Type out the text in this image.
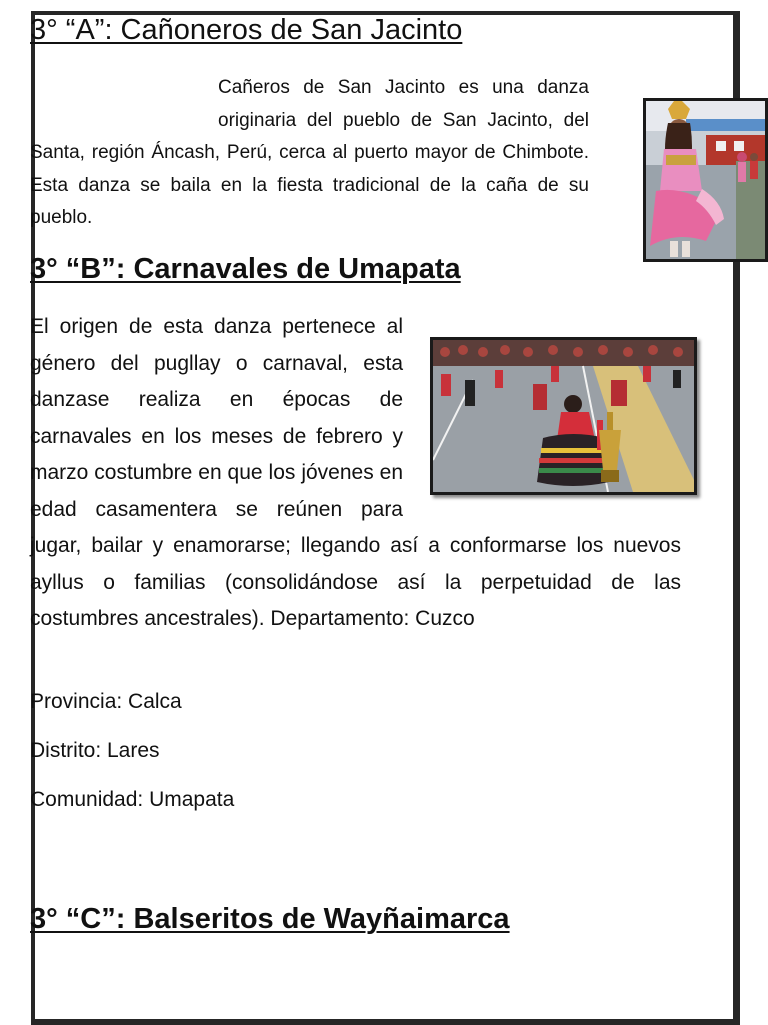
3° “A”: Cañoneros de San Jacinto

Cañeros de San Jacinto es una danza originaria del pueblo de San Jacinto, del Santa, región Áncash, Perú, cerca al puerto mayor de Chimbote. Esta danza se baila en la fiesta tradicional de la caña de su pueblo.

3° “B”: Carnavales de Umapata

El origen de esta danza pertenece al género del pugllay o carnaval, esta danzase realiza en épocas de carnavales en los meses de febrero y marzo costumbre en que los jóvenes en edad casamentera se reúnen para jugar, bailar y enamorarse; llegando así a conformarse los nuevos ayllus o familias (consolidándose así la perpetuidad de las costumbres ancestrales). Departamento: Cuzco

Provincia: Calca

Distrito: Lares

Comunidad: Umapata

3° “C”: Balseritos de Wayñaimarca
